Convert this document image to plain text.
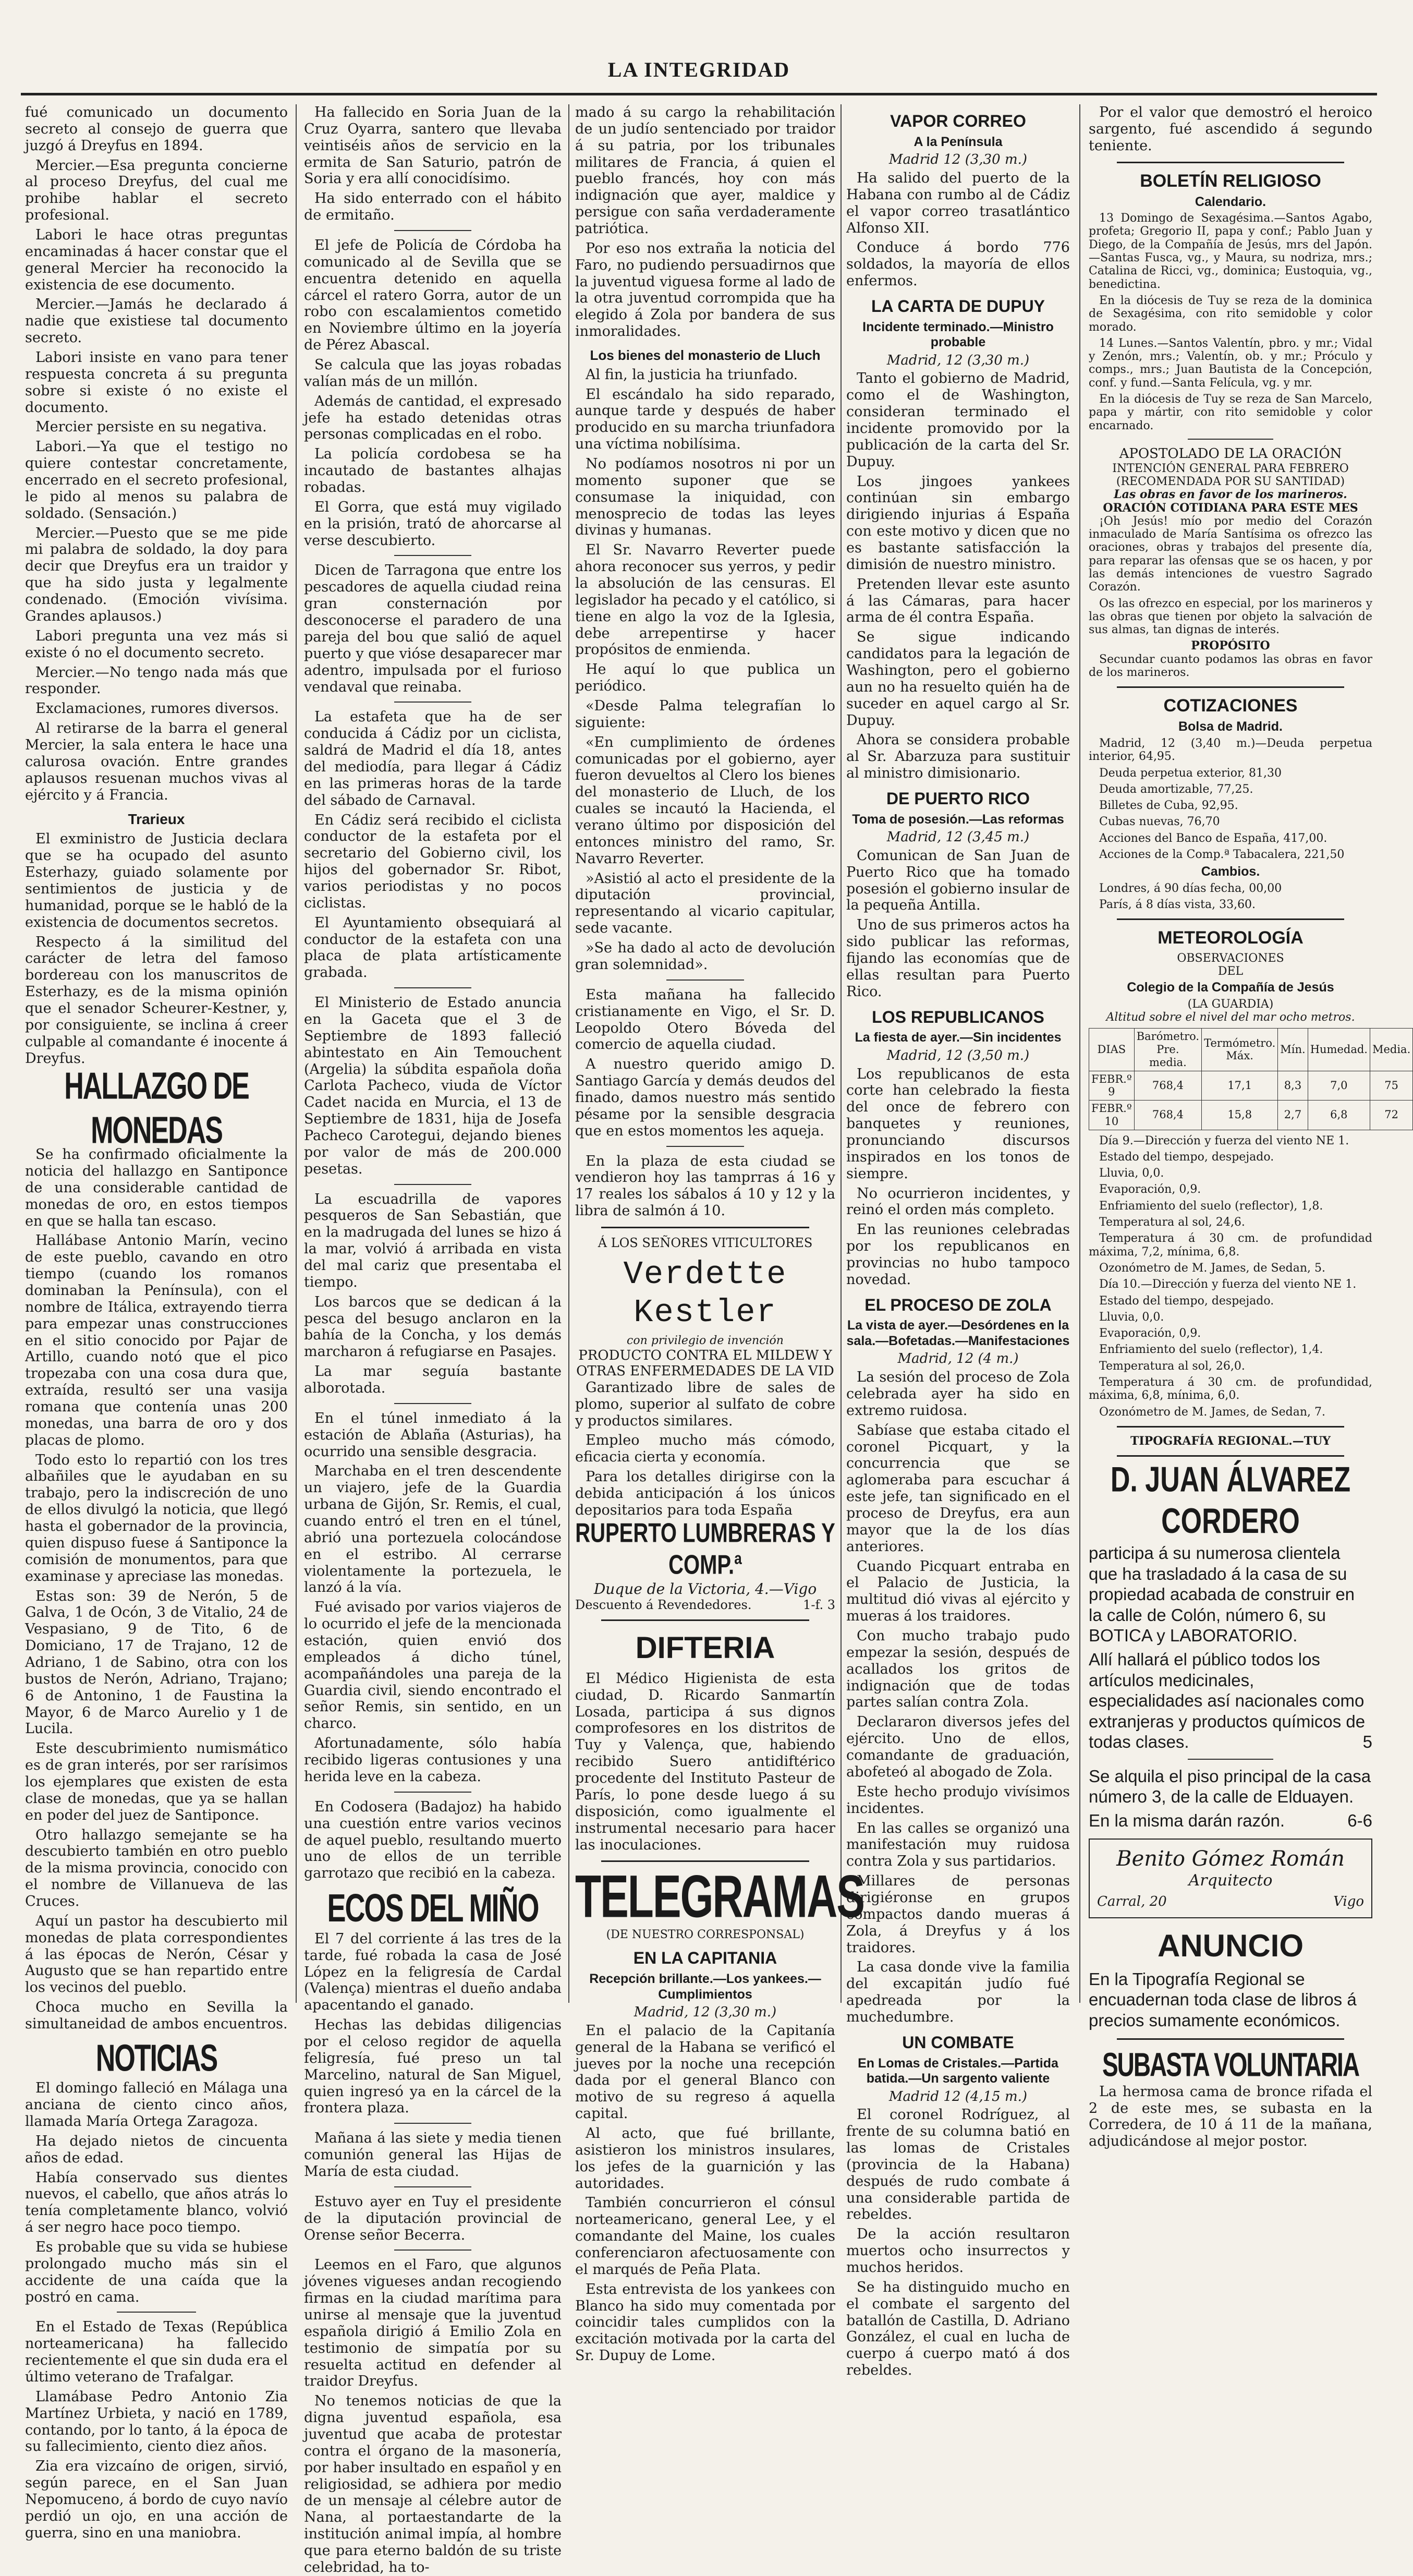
LA INTEGRIDAD

fué comunicado un documento secreto al consejo de guerra que juzgó á Dreyfus en 1894.

Mercier.—Esa pregunta concierne al proceso Dreyfus, del cual me prohibe hablar el secreto profesional.

Labori le hace otras preguntas encaminadas á hacer constar que el general Mercier ha reconocido la existencia de ese documento.

Mercier.—Jamás he declarado á nadie que existiese tal documento secreto.

Labori insiste en vano para tener respuesta concreta á su pregunta sobre si existe ó no existe el documento.

Mercier persiste en su negativa.

Labori.—Ya que el testigo no quiere contestar concretamente, encerrado en el secreto profesional, le pido al menos su palabra de soldado. (Sensación.)

Mercier.—Puesto que se me pide mi palabra de soldado, la doy para decir que Dreyfus era un traidor y que ha sido justa y legalmente condenado. (Emoción vivísima. Grandes aplausos.)

Labori pregunta una vez más si existe ó no el documento secreto.

Mercier.—No tengo nada más que responder.

Exclamaciones, rumores diversos.

Al retirarse de la barra el general Mercier, la sala entera le hace una calurosa ovación. Entre grandes aplausos resuenan muchos vivas al ejército y á Francia.

Trarieux

El exministro de Justicia declara que se ha ocupado del asunto Esterhazy, guiado solamente por sentimientos de justicia y de humanidad, porque se le habló de la existencia de documentos secretos.

Respecto á la similitud del carácter de letra del famoso bordereau con los manuscritos de Esterhazy, es de la misma opinión que el senador Scheurer-Kestner, y, por consiguiente, se inclina á creer culpable al comandante é inocente á Dreyfus.

HALLAZGO DE MONEDAS

Se ha confirmado oficialmente la noticia del hallazgo en Santiponce de una considerable cantidad de monedas de oro, en estos tiempos en que se halla tan escaso.

Hallábase Antonio Marín, vecino de este pueblo, cavando en otro tiempo (cuando los romanos dominaban la Península), con el nombre de Itálica, extrayendo tierra para empezar unas construcciones en el sitio conocido por Pajar de Artillo, cuando notó que el pico tropezaba con una cosa dura que, extraída, resultó ser una vasija romana que contenía unas 200 monedas, una barra de oro y dos placas de plomo.

Todo esto lo repartió con los tres albañiles que le ayudaban en su trabajo, pero la indiscreción de uno de ellos divulgó la noticia, que llegó hasta el gobernador de la provincia, quien dispuso fuese á Santiponce la comisión de monumentos, para que examinase y apreciase las monedas.

Estas son: 39 de Nerón, 5 de Galva, 1 de Ocón, 3 de Vitalio, 24 de Vespasiano, 9 de Tito, 6 de Domiciano, 17 de Trajano, 12 de Adriano, 1 de Sabino, otra con los bustos de Nerón, Adriano, Trajano; 6 de Antonino, 1 de Faustina la Mayor, 6 de Marco Aurelio y 1 de Lucila.

Este descubrimiento numismático es de gran interés, por ser rarísimos los ejemplares que existen de esta clase de monedas, que ya se hallan en poder del juez de Santiponce.

Otro hallazgo semejante se ha descubierto también en otro pueblo de la misma provincia, conocido con el nombre de Villanueva de las Cruces.

Aquí un pastor ha descubierto mil monedas de plata correspondientes á las épocas de Nerón, César y Augusto que se han repartido entre los vecinos del pueblo.

Choca mucho en Sevilla la simultaneidad de ambos encuentros.

NOTICIAS

El domingo falleció en Málaga una anciana de ciento cinco años, llamada María Ortega Zaragoza.

Ha dejado nietos de cincuenta años de edad.

Había conservado sus dientes nuevos, el cabello, que años atrás lo tenía completamente blanco, volvió á ser negro hace poco tiempo.

Es probable que su vida se hubiese prolongado mucho más sin el accidente de una caída que la postró en cama.

En el Estado de Texas (República norteamericana) ha fallecido recientemente el que sin duda era el último veterano de Trafalgar.

Llamábase Pedro Antonio Zia Martínez Urbieta, y nació en 1789, contando, por lo tanto, á la época de su fallecimiento, ciento diez años.

Zia era vizcaíno de origen, sirvió, según parece, en el San Juan Nepomuceno, á bordo de cuyo navío perdió un ojo, en una acción de guerra, sino en una maniobra.

Ha fallecido en Soria Juan de la Cruz Oyarra, santero que llevaba veintiséis años de servicio en la ermita de San Saturio, patrón de Soria y era allí conocidísimo.

Ha sido enterrado con el hábito de ermitaño.

El jefe de Policía de Córdoba ha comunicado al de Sevilla que se encuentra detenido en aquella cárcel el ratero Gorra, autor de un robo con escalamientos cometido en Noviembre último en la joyería de Pérez Abascal.

Se calcula que las joyas robadas valían más de un millón.

Además de cantidad, el expresado jefe ha estado detenidas otras personas complicadas en el robo.

La policía cordobesa se ha incautado de bastantes alhajas robadas.

El Gorra, que está muy vigilado en la prisión, trató de ahorcarse al verse descubierto.

Dicen de Tarragona que entre los pescadores de aquella ciudad reina gran consternación por desconocerse el paradero de una pareja del bou que salió de aquel puerto y que vióse desaparecer mar adentro, impulsada por el furioso vendaval que reinaba.

La estafeta que ha de ser conducida á Cádiz por un ciclista, saldrá de Madrid el día 18, antes del mediodía, para llegar á Cádiz en las primeras horas de la tarde del sábado de Carnaval.

En Cádiz será recibido el ciclista conductor de la estafeta por el secretario del Gobierno civil, los hijos del gobernador Sr. Ribot, varios periodistas y no pocos ciclistas.

El Ayuntamiento obsequiará al conductor de la estafeta con una placa de plata artísticamente grabada.

El Ministerio de Estado anuncia en la Gaceta que el 3 de Septiembre de 1893 falleció abintestato en Ain Temouchent (Argelia) la súbdita española doña Carlota Pacheco, viuda de Víctor Cadet nacida en Murcia, el 13 de Septiembre de 1831, hija de Josefa Pacheco Carotegui, dejando bienes por valor de más de 200.000 pesetas.

La escuadrilla de vapores pesqueros de San Sebastián, que en la madrugada del lunes se hizo á la mar, volvió á arribada en vista del mal cariz que presentaba el tiempo.

Los barcos que se dedican á la pesca del besugo anclaron en la bahía de la Concha, y los demás marcharon á refugiarse en Pasajes.

La mar seguía bastante alborotada.

En el túnel inmediato á la estación de Ablaña (Asturias), ha ocurrido una sensible desgracia.

Marchaba en el tren descendente un viajero, jefe de la Guardia urbana de Gijón, Sr. Remis, el cual, cuando entró el tren en el túnel, abrió una portezuela colocándose en el estribo. Al cerrarse violentamente la portezuela, le lanzó á la vía.

Fué avisado por varios viajeros de lo ocurrido el jefe de la mencionada estación, quien envió dos empleados á dicho túnel, acompañándoles una pareja de la Guardia civil, siendo encontrado el señor Remis, sin sentido, en un charco.

Afortunadamente, sólo había recibido ligeras contusiones y una herida leve en la cabeza.

En Codosera (Badajoz) ha habido una cuestión entre varios vecinos de aquel pueblo, resultando muerto uno de ellos de un terrible garrotazo que recibió en la cabeza.

ECOS DEL MIÑO

El 7 del corriente á las tres de la tarde, fué robada la casa de José López en la feligresía de Cardal (Valença) mientras el dueño andaba apacentando el ganado.

Hechas las debidas diligencias por el celoso regidor de aquella feligresía, fué preso un tal Marcelino, natural de San Miguel, quien ingresó ya en la cárcel de la frontera plaza.

Mañana á las siete y media tienen comunión general las Hijas de María de esta ciudad.

Estuvo ayer en Tuy el presidente de la diputación provincial de Orense señor Becerra.

Leemos en el Faro, que algunos jóvenes vigueses andan recogiendo firmas en la ciudad marítima para unirse al mensaje que la juventud española dirigió á Emilio Zola en testimonio de simpatía por su resuelta actitud en defender al traidor Dreyfus.

No tenemos noticias de que la digna juventud española, esa juventud que acaba de protestar contra el órgano de la masonería, por haber insultado en español y en religiosidad, se adhiera por medio de un mensaje al célebre autor de Nana, al portaestandarte de la institución animal impía, al hombre que para eterno baldón de su triste celebridad, ha to-

mado á su cargo la rehabilitación de un judío sentenciado por traidor á su patria, por los tribunales militares de Francia, á quien el pueblo francés, hoy con más indignación que ayer, maldice y persigue con saña verdaderamente patriótica.

Por eso nos extraña la noticia del Faro, no pudiendo persuadirnos que la juventud viguesa forme al lado de la otra juventud corrompida que ha elegido á Zola por bandera de sus inmoralidades.

Los bienes del monasterio de Lluch

Al fin, la justicia ha triunfado.

El escándalo ha sido reparado, aunque tarde y después de haber producido en su marcha triunfadora una víctima nobilísima.

No podíamos nosotros ni por un momento suponer que se consumase la iniquidad, con menosprecio de todas las leyes divinas y humanas.

El Sr. Navarro Reverter puede ahora reconocer sus yerros, y pedir la absolución de las censuras. El legislador ha pecado y el católico, si tiene en algo la voz de la Iglesia, debe arrepentirse y hacer propósitos de enmienda.

He aquí lo que publica un periódico.

«Desde Palma telegrafían lo siguiente:

«En cumplimiento de órdenes comunicadas por el gobierno, ayer fueron devueltos al Clero los bienes del monasterio de Lluch, de los cuales se incautó la Hacienda, el verano último por disposición del entonces ministro del ramo, Sr. Navarro Reverter.

»Asistió al acto el presidente de la diputación provincial, representando al vicario capitular, sede vacante.

»Se ha dado al acto de devolución gran solemnidad».

Esta mañana ha fallecido cristianamente en Vigo, el Sr. D. Leopoldo Otero Bóveda del comercio de aquella ciudad.

A nuestro querido amigo D. Santiago García y demás deudos del finado, damos nuestro más sentido pésame por la sensible desgracia que en estos momentos les aqueja.

En la plaza de esta ciudad se vendieron hoy las tamprras á 16 y 17 reales los sábalos á 10 y 12 y la libra de salmón á 10.

Á LOS SEÑORES VITICULTORES
Verdette Kestler
con privilegio de invención
PRODUCTO CONTRA EL MILDEW Y OTRAS ENFERMEDADES DE LA VID

Garantizado libre de sales de plomo, superior al sulfato de cobre y productos similares.

Empleo mucho más cómodo, eficacia cierta y economía.

Para los detalles dirigirse con la debida anticipación á los únicos depositarios para toda España

RUPERTO LUMBRERAS Y COMP.ª
Duque de la Victoria, 4.—Vigo
Descuento á Revendedores.	1-f. 3
DIFTERIA

El Médico Higienista de esta ciudad, D. Ricardo Sanmartín Losada, participa á sus dignos comprofesores en los distritos de Tuy y Valença, que, habiendo recibido Suero antidiftérico procedente del Instituto Pasteur de París, lo pone desde luego á su disposición, como igualmente el instrumental necesario para hacer las inoculaciones.

TELEGRAMAS
(DE NUESTRO CORRESPONSAL)
EN LA CAPITANIA
Recepción brillante.—Los yankees.—Cumplimientos
Madrid, 12 (3,30 m.)

En el palacio de la Capitanía general de la Habana se verificó el jueves por la noche una recepción dada por el general Blanco con motivo de su regreso á aquella capital.

Al acto, que fué brillante, asistieron los ministros insulares, los jefes de la guarnición y las autoridades.

También concurrieron el cónsul norteamericano, general Lee, y el comandante del Maine, los cuales conferenciaron afectuosamente con el marqués de Peña Plata.

Esta entrevista de los yankees con Blanco ha sido muy comentada por coincidir tales cumplidos con la excitación motivada por la carta del Sr. Dupuy de Lome.

VAPOR CORREO
A la Península
Madrid 12 (3,30 m.)

Ha salido del puerto de la Habana con rumbo al de Cádiz el vapor correo trasatlántico Alfonso XII.

Conduce á bordo 776 soldados, la mayoría de ellos enfermos.

LA CARTA DE DUPUY
Incidente terminado.—Ministro probable
Madrid, 12 (3,30 m.)

Tanto el gobierno de Madrid, como el de Washington, consideran terminado el incidente promovido por la publicación de la carta del Sr. Dupuy.

Los jingoes yankees continúan sin embargo dirigiendo injurias á España con este motivo y dicen que no es bastante satisfacción la dimisión de nuestro ministro.

Pretenden llevar este asunto á las Cámaras, para hacer arma de él contra España.

Se sigue indicando candidatos para la legación de Washington, pero el gobierno aun no ha resuelto quién ha de suceder en aquel cargo al Sr. Dupuy.

Ahora se considera probable al Sr. Abarzuza para sustituir al ministro dimisionario.

DE PUERTO RICO
Toma de posesión.—Las reformas
Madrid, 12 (3,45 m.)

Comunican de San Juan de Puerto Rico que ha tomado posesión el gobierno insular de la pequeña Antilla.

Uno de sus primeros actos ha sido publicar las reformas, fijando las economías que de ellas resultan para Puerto Rico.

LOS REPUBLICANOS
La fiesta de ayer.—Sin incidentes
Madrid, 12 (3,50 m.)

Los republicanos de esta corte han celebrado la fiesta del once de febrero con banquetes y reuniones, pronunciando discursos inspirados en los tonos de siempre.

No ocurrieron incidentes, y reinó el orden más completo.

En las reuniones celebradas por los republicanos en provincias no hubo tampoco novedad.

EL PROCESO DE ZOLA
La vista de ayer.—Desórdenes en la sala.—Bofetadas.—Manifestaciones
Madrid, 12 (4 m.)

La sesión del proceso de Zola celebrada ayer ha sido en extremo ruidosa.

Sabíase que estaba citado el coronel Picquart, y la concurrencia que se aglomeraba para escuchar á este jefe, tan significado en el proceso de Dreyfus, era aun mayor que la de los días anteriores.

Cuando Picquart entraba en el Palacio de Justicia, la multitud dió vivas al ejército y mueras á los traidores.

Con mucho trabajo pudo empezar la sesión, después de acallados los gritos de indignación que de todas partes salían contra Zola.

Declararon diversos jefes del ejército. Uno de ellos, comandante de graduación, abofeteó al abogado de Zola.

Este hecho produjo vivísimos incidentes.

En las calles se organizó una manifestación muy ruidosa contra Zola y sus partidarios.

Millares de personas dirigiéronse en grupos compactos dando mueras á Zola, á Dreyfus y á los traidores.

La casa donde vive la familia del excapitán judío fué apedreada por la muchedumbre.

UN COMBATE
En Lomas de Cristales.—Partida batida.—Un sargento valiente
Madrid 12 (4,15 m.)

El coronel Rodríguez, al frente de su columna batió en las lomas de Cristales (provincia de la Habana) después de rudo combate á una considerable partida de rebeldes.

De la acción resultaron muertos ocho insurrectos y muchos heridos.

Se ha distinguido mucho en el combate el sargento del batallón de Castilla, D. Adriano González, el cual en lucha de cuerpo á cuerpo mató á dos rebeldes.

Por el valor que demostró el heroico sargento, fué ascendido á segundo teniente.

BOLETÍN RELIGIOSO
Calendario.

13 Domingo de Sexagésima.—Santos Agabo, profeta; Gregorio II, papa y conf.; Pablo Juan y Diego, de la Compañía de Jesús, mrs del Japón.—Santas Fusca, vg., y Maura, su nodriza, mrs.; Catalina de Ricci, vg., dominica; Eustoquia, vg., benedictina.

En la diócesis de Tuy se reza de la dominica de Sexagésima, con rito semidoble y color morado.

14 Lunes.—Santos Valentín, pbro. y mr.; Vidal y Zenón, mrs.; Valentín, ob. y mr.; Próculo y comps., mrs.; Juan Bautista de la Concepción, conf. y fund.—Santa Felícula, vg. y mr.

En la diócesis de Tuy se reza de San Marcelo, papa y mártir, con rito semidoble y color encarnado.

APOSTOLADO DE LA ORACIÓN
INTENCIÓN GENERAL PARA FEBRERO
(RECOMENDADA POR SU SANTIDAD)
Las obras en favor de los marineros.
ORACIÓN COTIDIANA PARA ESTE MES

¡Oh Jesús! mío por medio del Corazón inmaculado de María Santísima os ofrezco las oraciones, obras y trabajos del presente día, para reparar las ofensas que se os hacen, y por las demás intenciones de vuestro Sagrado Corazón.

Os las ofrezco en especial, por los marineros y las obras que tienen por objeto la salvación de sus almas, tan dignas de interés.

PROPÓSITO

Secundar cuanto podamos las obras en favor de los marineros.

COTIZACIONES
Bolsa de Madrid.

Madrid, 12 (3,40 m.)—Deuda perpetua interior, 64,95.

Deuda perpetua exterior, 81,30

Deuda amortizable, 77,25.

Billetes de Cuba, 92,95.

Cubas nuevas, 76,70

Acciones del Banco de España, 417,00.

Acciones de la Comp.ª Tabacalera, 221,50

Cambios.

Londres, á 90 días fecha, 00,00

París, á 8 días vista, 33,60.

METEOROLOGÍA
OBSERVACIONES
DEL
Colegio de la Compañía de Jesús
(LA GUARDIA)
Altitud sobre el nivel del mar ocho metros.
DIAS	Barómetro. Pre. media.	Termómetro. Máx.	Mín.	Humedad.	Media.
FEBR.º 9	768,4	17,1	8,3	7,0	75
FEBR.º 10	768,4	15,8	2,7	6,8	72

Día 9.—Dirección y fuerza del viento NE 1.

Estado del tiempo, despejado.

Lluvia, 0,0.

Evaporación, 0,9.

Enfriamiento del suelo (reflector), 1,8.

Temperatura al sol, 24,6.

Temperatura á 30 cm. de profundidad máxima, 7,2, mínima, 6,8.

Ozonómetro de M. James, de Sedan, 5.

Día 10.—Dirección y fuerza del viento NE 1.

Estado del tiempo, despejado.

Lluvia, 0,0.

Evaporación, 0,9.

Enfriamiento del suelo (reflector), 1,4.

Temperatura al sol, 26,0.

Temperatura á 30 cm. de profundidad, máxima, 6,8, mínima, 6,0.

Ozonómetro de M. James, de Sedan, 7.

TIPOGRAFÍA REGIONAL.—TUY
D. JUAN ÁLVAREZ CORDERO

participa á su numerosa clientela que ha trasladado á la casa de su propiedad acabada de construir en la calle de Colón, número 6, su BOTICA y LABORATORIO.

Allí hallará el público todos los artículos medicinales, especialidades así nacionales como extranjeras y productos químicos de todas clases.	5

Se alquila el piso principal de la casa número 3, de la calle de Elduayen.

En la misma darán razón.	6-6

Benito Gómez Román
Arquitecto
Carral, 20	Vigo
ANUNCIO

En la Tipografía Regional se encuadernan toda clase de libros á precios sumamente económicos.

SUBASTA VOLUNTARIA

La hermosa cama de bronce rifada el 2 de este mes, se subasta en la Corredera, de 10 á 11 de la mañana, adjudicándose al mejor postor.
